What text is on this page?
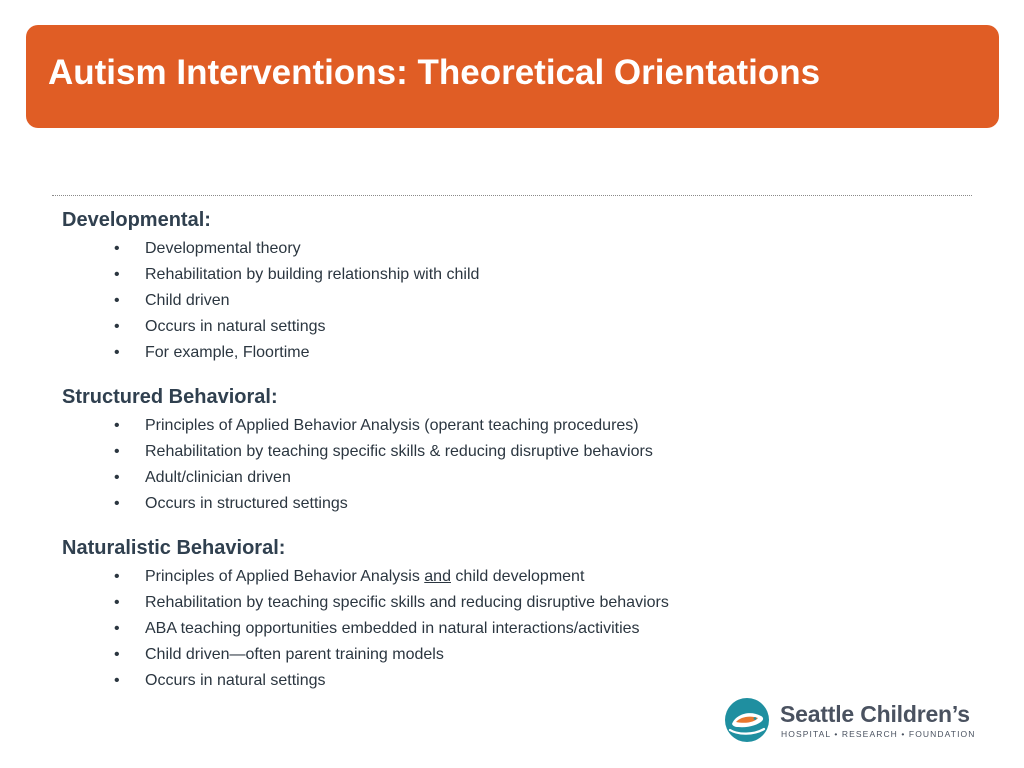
Autism Interventions: Theoretical Orientations
Developmental:
•	Developmental theory
•	Rehabilitation by building relationship with child
•	Child driven
•	Occurs in natural settings
•	For example, Floortime
Structured Behavioral:
•	Principles of Applied Behavior Analysis (operant teaching procedures)
•	Rehabilitation by teaching specific skills & reducing disruptive behaviors
•	Adult/clinician driven
•	Occurs in structured settings
Naturalistic Behavioral:
•	Principles of Applied Behavior Analysis and child development
•	Rehabilitation by teaching specific skills and reducing disruptive behaviors
•	ABA teaching opportunities embedded in natural interactions/activities
•	Child driven—often parent training models
•	Occurs in natural settings
Seattle Children’s
HOSPITAL • RESEARCH • FOUNDATION
